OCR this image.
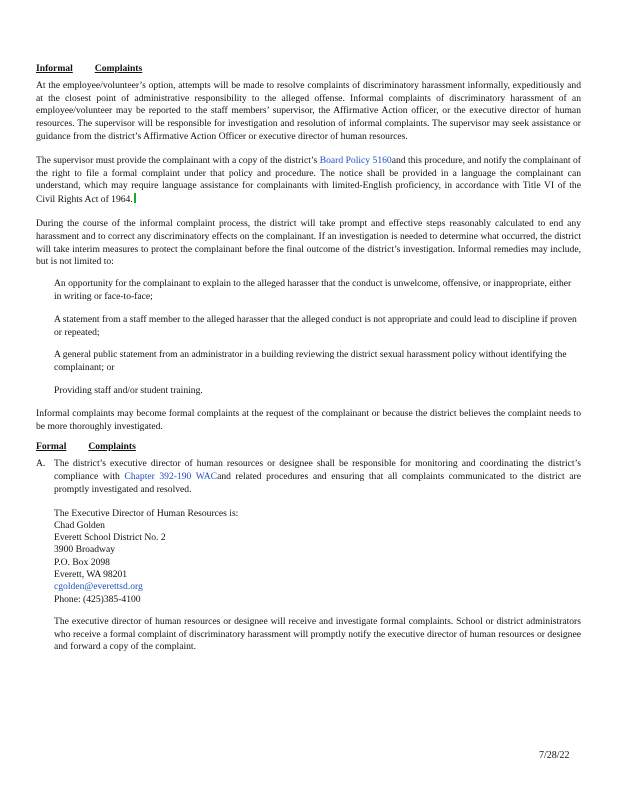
Informal Complaints

At the employee/volunteer’s option, attempts will be made to resolve complaints of discriminatory harassment informally, expeditiously and at the closest point of administrative responsibility to the alleged offense. Informal complaints of discriminatory harassment of an employee/volunteer may be reported to the staff members’ supervisor, the Affirmative Action officer, or the executive director of human resources. The supervisor will be responsible for investigation and resolution of informal complaints. The supervisor may seek assistance or guidance from the district’s Affirmative Action Officer or executive director of human resources.

The supervisor must provide the complainant with a copy of the district’s Board Policy 5160and this procedure, and notify the complainant of the right to file a formal complaint under that policy and procedure. The notice shall be provided in a language the complainant can understand, which may require language assistance for complainants with limited-English proficiency, in accordance with Title VI of the Civil Rights Act of 1964.

During the course of the informal complaint process, the district will take prompt and effective steps reasonably calculated to end any harassment and to correct any discriminatory effects on the complainant. If an investigation is needed to determine what occurred, the district will take interim measures to protect the complainant before the final outcome of the district’s investigation. Informal remedies may include, but is not limited to:

An opportunity for the complainant to explain to the alleged harasser that the conduct is unwelcome, offensive, or inappropriate, either in writing or face-to-face;
A statement from a staff member to the alleged harasser that the alleged conduct is not appropriate and could lead to discipline if proven or repeated;
A general public statement from an administrator in a building reviewing the district sexual harassment policy without identifying the complainant; or
Providing staff and/or student training.

Informal complaints may become formal complaints at the request of the complainant or because the district believes the complaint needs to be more thoroughly investigated.

Formal Complaints
A. The district’s executive director of human resources or designee shall be responsible for monitoring and coordinating the district’s compliance with Chapter 392-190 WACand related procedures and ensuring that all complaints communicated to the district are promptly investigated and resolved.

The Executive Director of Human Resources is:
Chad Golden
Everett School District No. 2
3900 Broadway
P.O. Box 2098
Everett, WA 98201
cgolden@everettsd.org
Phone: (425)385-4100

The executive director of human resources or designee will receive and investigate formal complaints. School or district administrators who receive a formal complaint of discriminatory harassment will promptly notify the executive director of human resources or designee and forward a copy of the complaint.

7/28/22
